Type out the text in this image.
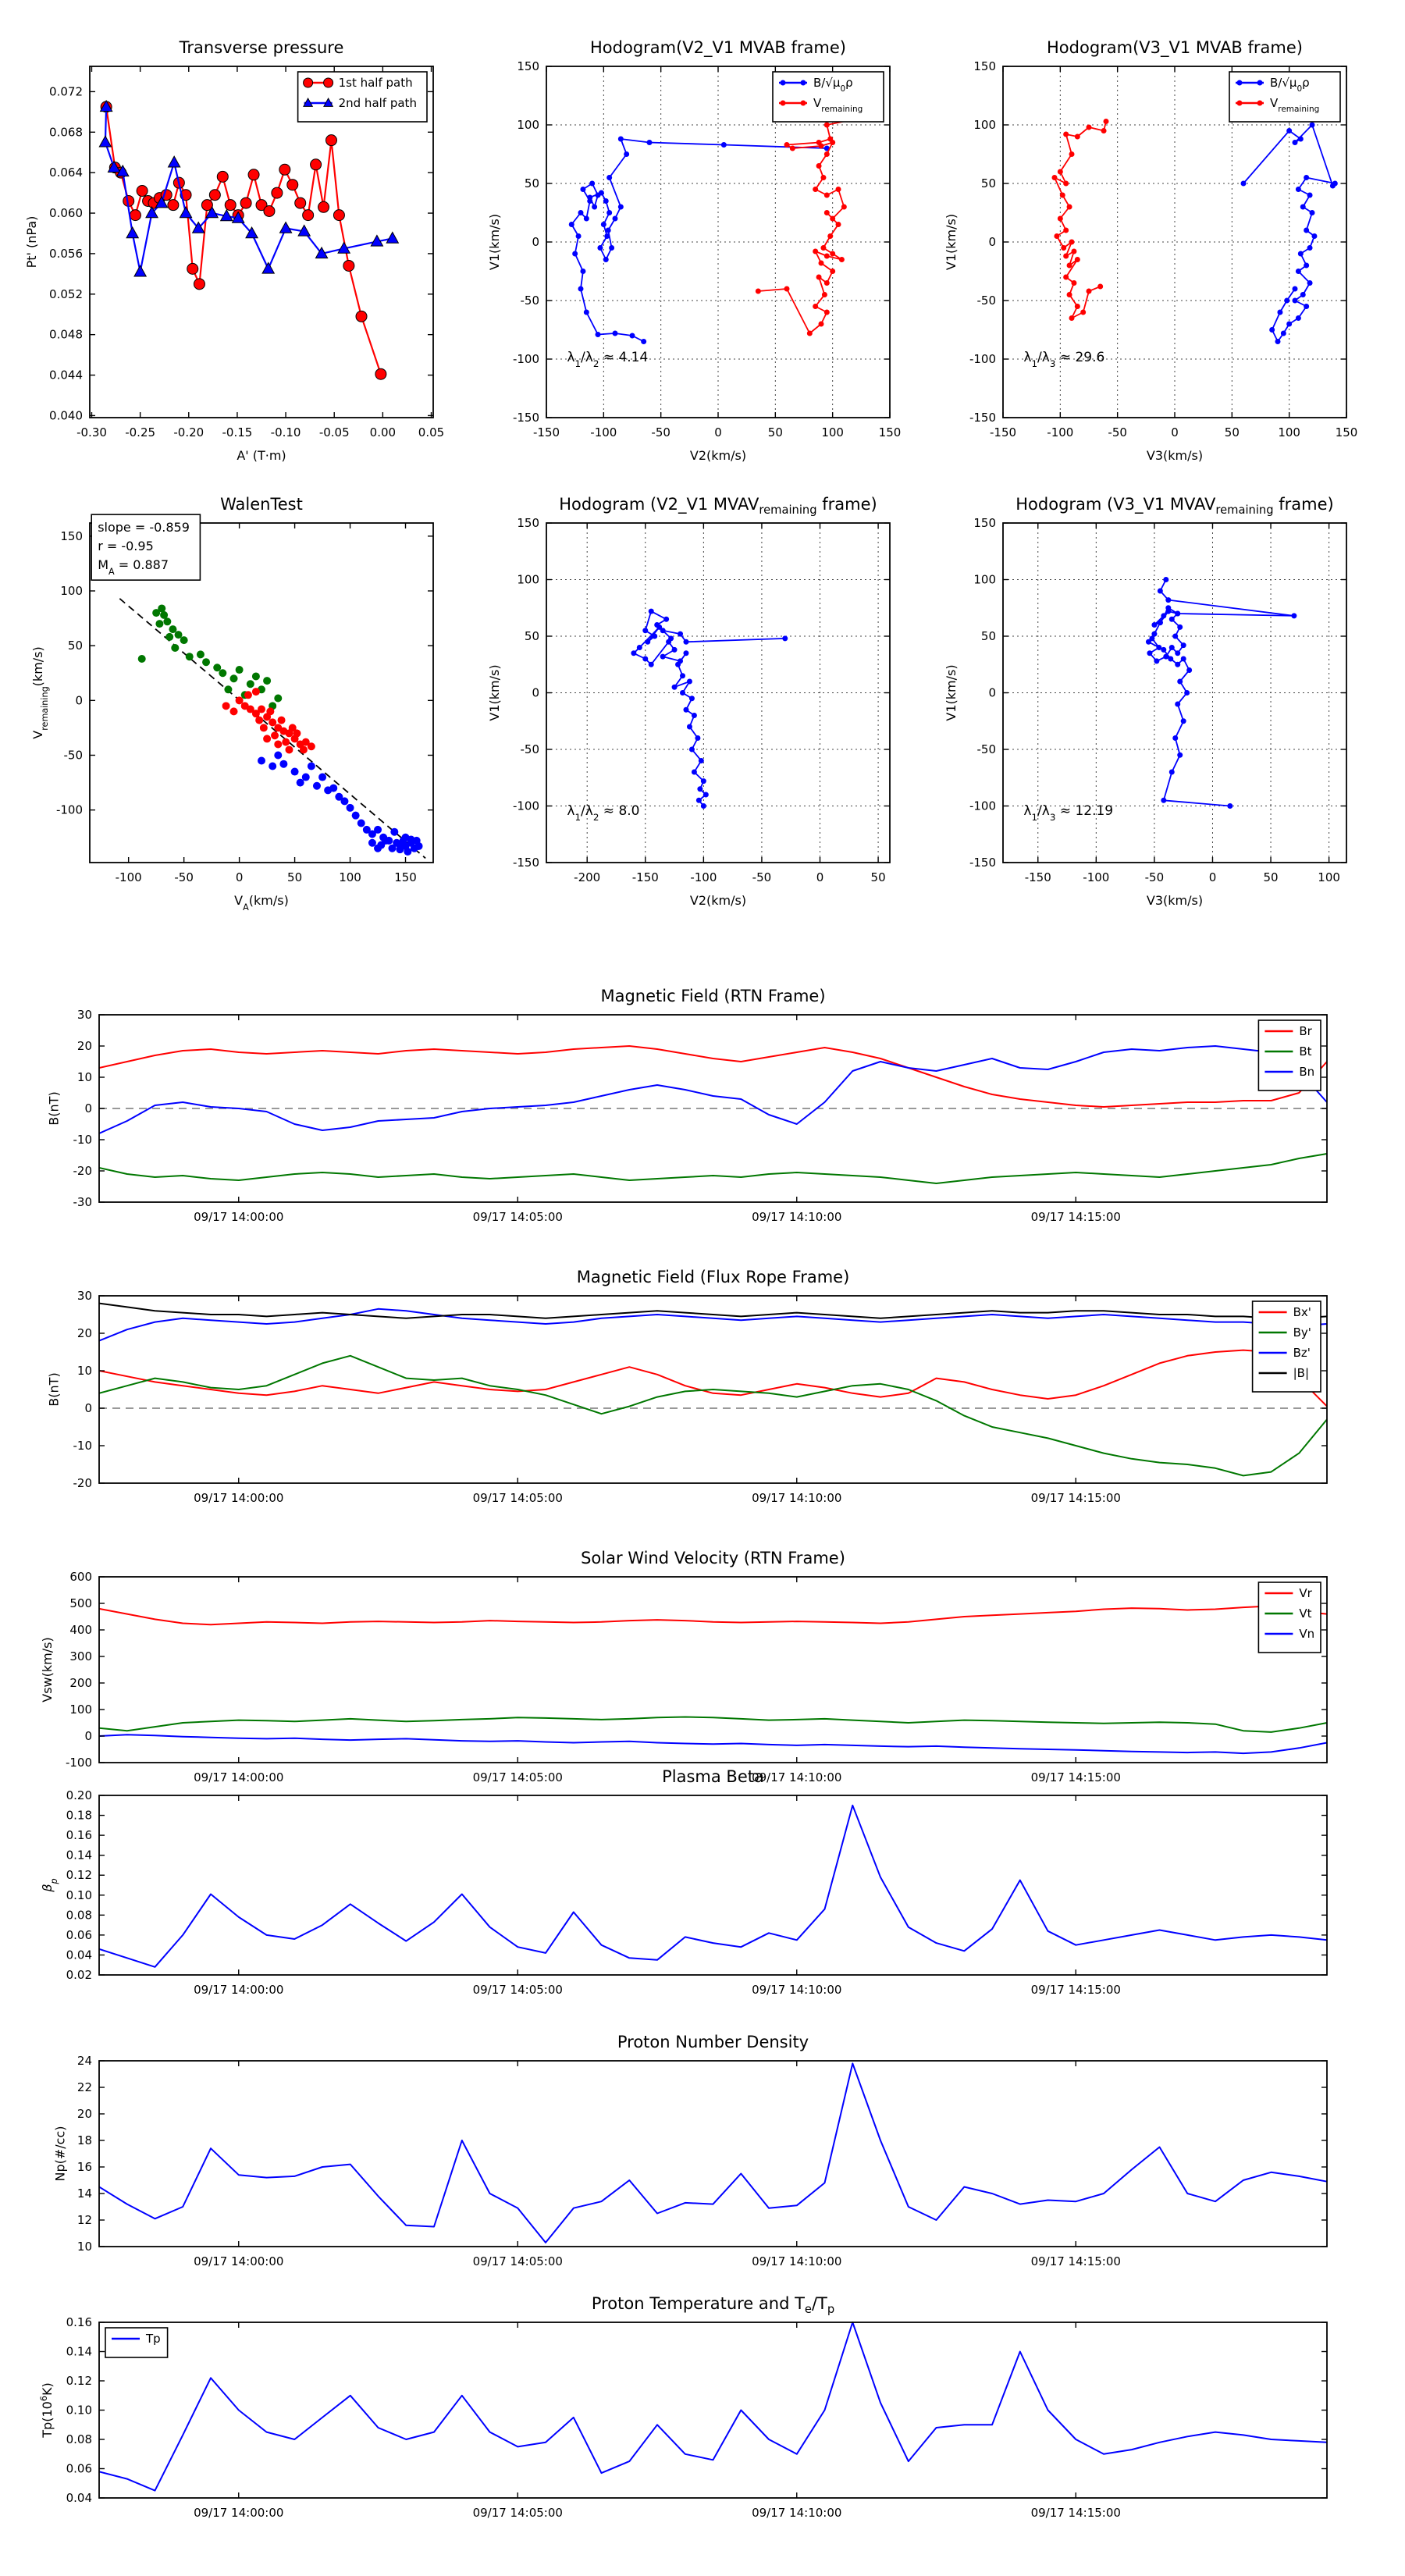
Transverse pressure
-0.30 -0.25 -0.20 -0.15 -0.10 -0.05 0.00 0.05
0.040
0.044
0.048
0.052
0.056
0.060
0.064
0.068
0.072
A' (T·m)
Pt' (nPa)
1st half path
2nd half path
Hodogram(V2_V1 MVAB frame)
-150	-100	-50	0	50	100	150
-150
-100
-50
0
50
100
150
V2(km/s)
V1(km/s)
$\lambda_1/\lambda_2 \approx 4.14$
$B/√\mu_0\rho$
$V_{remaining}$
Hodogram(V3_V1 MVAB frame)
-150	-100	-50	0	50	100	150
-150
-100
-50
0
50
100
150
V3(km/s)
V1(km/s)
$\lambda_1/\lambda_3 \approx 29.6$
$B/√\mu_0\rho$
$V_{remaining}$
WalenTest
-100	-50	0	50	100	150
-100
-50
0
50
100
150
$V_A(km/s)$
$V_{remaining}(km/s)$
slope = -0.859
r = -0.95
$M_A = 0.887$
Hodogram (V2_V1 $MVAV_{remaining}$ frame)
-200	-150	-100	-50	0	50
-150
-100
-50
0
50
100
150
V2(km/s)
V1(km/s)
$\lambda_1/\lambda_2 \approx 8.0$
Hodogram (V3_V1 $MVAV_{remaining}$ frame)
-150	-100	-50	0	50	100
-150
-100
-50
0
50
100
150
V3(km/s)
V1(km/s)
$\lambda_1/\lambda_3 \approx 12.19$
Magnetic Field (RTN Frame)
09/17 14:00:00	09/17 14:05:00	09/17 14:10:00	09/17 14:15:00
-30
-20
-10
0
10
20
30
B(nT)
Br
Bt
Bn
Magnetic Field (Flux Rope Frame)
09/17 14:00:00	09/17 14:05:00	09/17 14:10:00	09/17 14:15:00
-20
-10
0
10
20
30
B(nT)
Bx'
By'
Bz'
|B|
Solar Wind Velocity (RTN Frame)
09/17 14:00:00	09/17 14:05:00	09/17 14:10:00	09/17 14:15:00
-100
0
100
200
300
400
500
600
Vsw(km/s)
Vr
Vt
Vn
Plasma Beta
09/17 14:00:00	09/17 14:05:00	09/17 14:10:00	09/17 14:15:00
0.02
0.04
0.06
0.08
0.10
0.12
0.14
0.16
0.18
0.20
$\beta_p$
Proton Number Density
09/17 14:00:00	09/17 14:05:00	09/17 14:10:00	09/17 14:15:00
10
12
14
16
18
20
22
24
Np(#/cc)
Proton Temperature and $T_e/T_p$
09/17 14:00:00	09/17 14:05:00	09/17 14:10:00	09/17 14:15:00
0.04
0.06
0.08
0.10
0.12
0.14
0.16
$Tp(10^6K)$
Tp
